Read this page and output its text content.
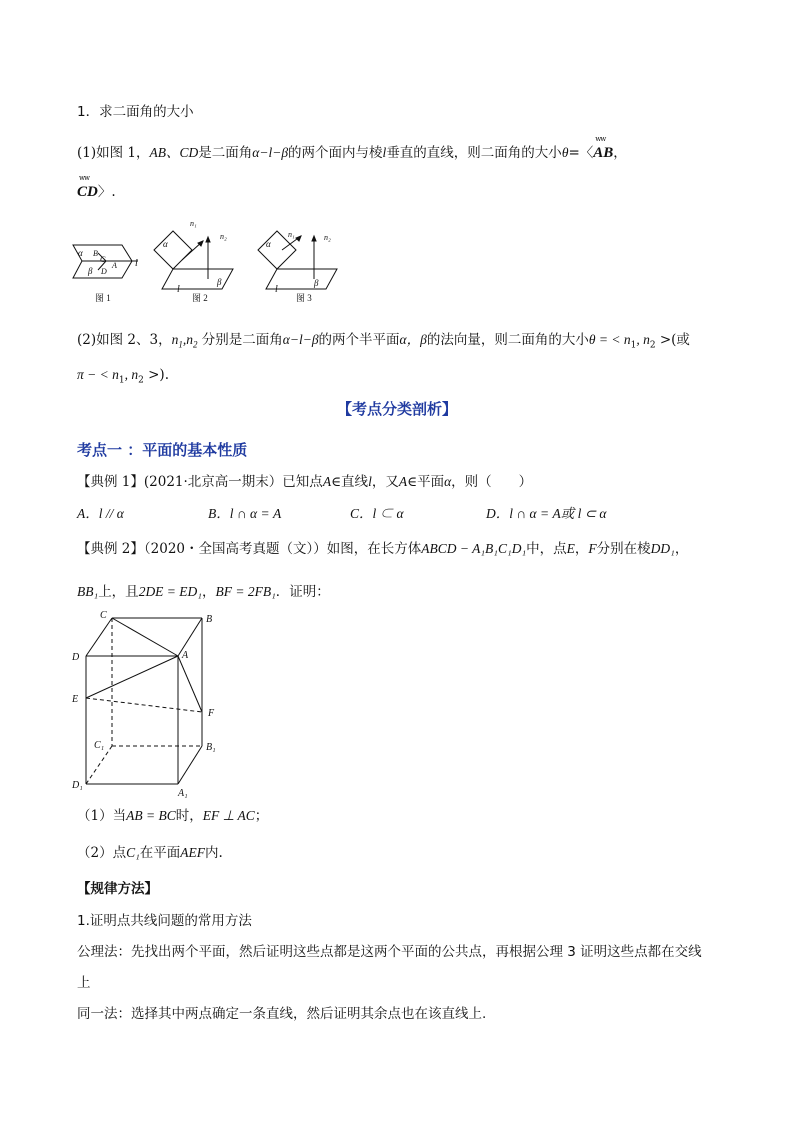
1．求二面角的大小
(1)如图 1，AB、CD是二面角α−l−β的两个面内与棱l垂直的直线，则二面角的大小θ=〈
ww
AB，
ww
CD〉.
α B
C
β D
A l
图 1
α
n₁
n₂
β
l
图 2
α
n₁	n₂
β
l
图 3
(2)如图 2、3，$n_1,n_2$ 分别是二面角α−l−β的两个半平面α，β的法向量，则二面角的大小θ = < $n_1$, $n_2$ >(或
π − < $n_1$, $n_2$ >).
【考点分类剖析】
考点一 ：平面的基本性质
【典例 1】(2021·北京高一期末）已知点A∈直线l，又A∈平面α，则（　　）
A．l // α	B．l ∩ α = A	C．l ⊂ α	D．l ∩ α = A或 l ⊂ α
【典例 2】（2020・全国高考真题（文））如图，在长方体ABCD − A₁B₁C₁D₁中，点E，F分别在棱DD₁，
BB₁上，且2DE = ED₁，BF = 2FB₁．证明：
C	B
D	A
E
F
C₁	B₁
D₁
A₁
（1）当AB = BC时，EF ⊥ AC；
（2）点C₁在平面AEF内.
【规律方法】
1.证明点共线问题的常用方法
公理法：先找出两个平面，然后证明这些点都是这两个平面的公共点，再根据公理 3 证明这些点都在交线
上
同一法：选择其中两点确定一条直线，然后证明其余点也在该直线上.
